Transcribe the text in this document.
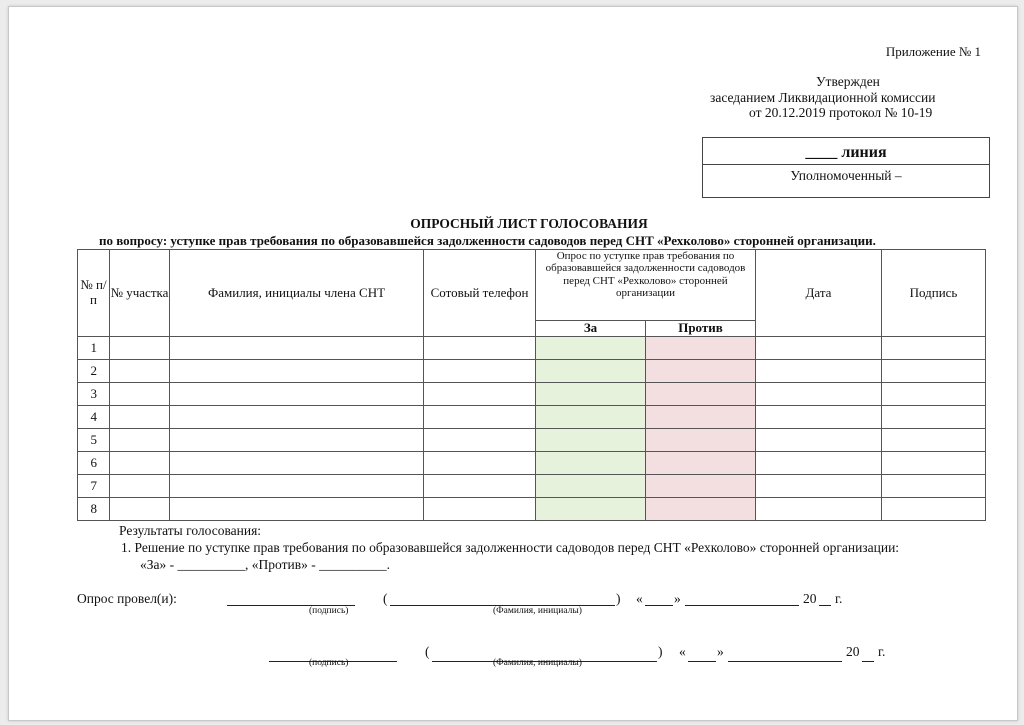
Приложение № 1
Утвержден
заседанием Ликвидационной комиссии
от 20.12.2019 протокол № 10-19
____ линия
Уполномоченный –
ОПРОСНЫЙ ЛИСТ ГОЛОСОВАНИЯ
по вопросу: уступке прав требования по образовавшейся задолженности садоводов перед СНТ «Рехколово» сторонней организации.
№ п/п	№ участка	Фамилия, инициалы члена СНТ	Сотовый телефон	Опрос по уступке прав требования по образовавшейся задолженности садоводов перед СНТ «Рехколово» сторонней организации		Дата	Подпись
				За	Против		
1							
2							
3							
4							
5							
6							
7							
8							
Результаты голосования:
1. Решение по уступке прав требования по образовавшейся задолженности садоводов перед СНТ «Рехколово» сторонней организации:
«За» - __________, «Против» - __________.
Опрос провел(и):
(подпись)
(	)
(Фамилия, инициалы)
« »	20 г.
(подпись)
(	)
(Фамилия, инициалы)
« »	20 г.
